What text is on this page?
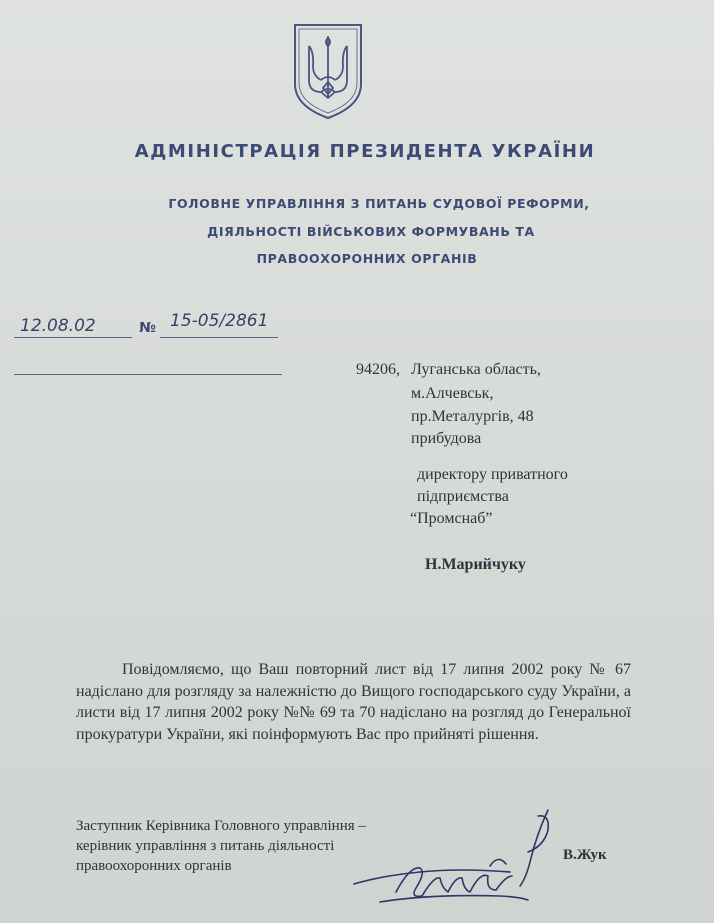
АДМІНІСТРАЦІЯ ПРЕЗИДЕНТА УКРАЇНИ

ГОЛОВНЕ УПРАВЛІННЯ З ПИТАНЬ СУДОВОЇ РЕФОРМИ,

ДІЯЛЬНОСТІ ВІЙСЬКОВИХ ФОРМУВАНЬ ТА

ПРАВООХОРОННИХ ОРГАНІВ

12.08.02	№ 15-05/2861

94206, Луганська область,

м.Алчевськ,

пр.Металургів, 48

прибудова

директору приватного

підприємства

“Промснаб”

Н.Марийчуку

Повідомляємо, що Ваш повторний лист від 17 липня 2002 року № 67 надіслано для розгляду за належністю до Вищого господарського суду України, а листи від 17 липня 2002 року №№ 69 та 70 надіслано на розгляд до Генеральної прокуратури України, які поінформують Вас про прийняті рішення.

Заступник Керівника Головного управління –

керівник управління з питань діяльності

правоохоронних органів

В.Жук
